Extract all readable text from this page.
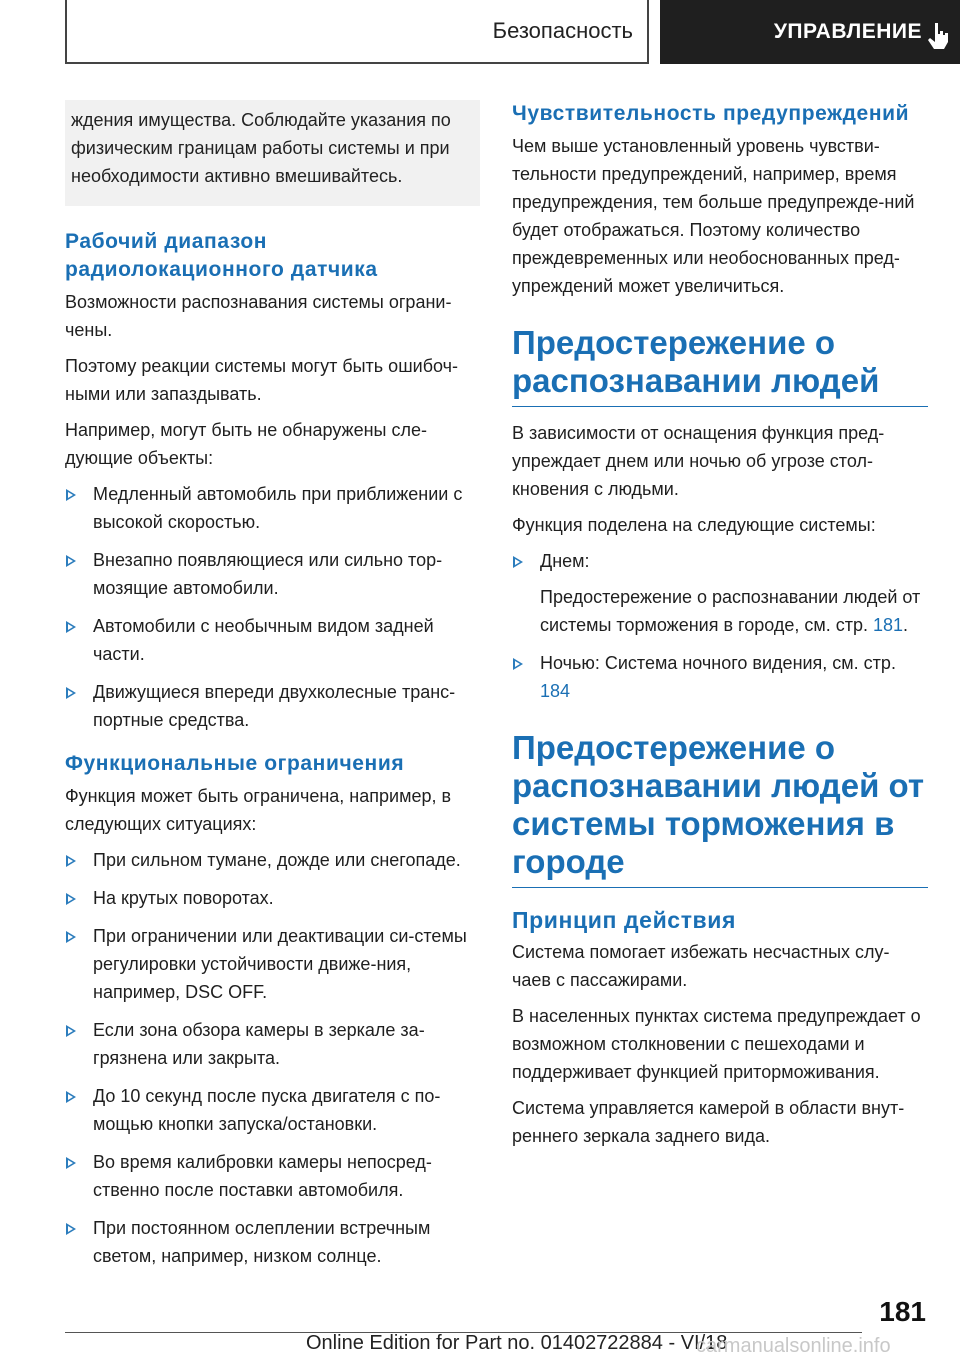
Безопасность	УПРАВЛЕНИЕ
ждения имущества. Соблюдайте указания по физическим границам работы системы и при необходимости активно вмешивайтесь.
Рабочий диапазон радиолокационного датчика

Возможности распознавания системы ограни-чены.

Поэтому реакции системы могут быть ошибоч-ными или запаздывать.

Например, могут быть не обнаружены сле-дующие объекты:

Медленный автомобиль при приближении с высокой скоростью.
Внезапно появляющиеся или сильно тор-мозящие автомобили.
Автомобили с необычным видом задней части.
Движущиеся впереди двухколесные транс-портные средства.
Функциональные ограничения

Функция может быть ограничена, например, в следующих ситуациях:

При сильном тумане, дожде или снегопаде.
На крутых поворотах.
При ограничении или деактивации си-стемы регулировки устойчивости движе-ния, например, DSC OFF.
Если зона обзора камеры в зеркале за-грязнена или закрыта.
До 10 секунд после пуска двигателя с по-мощью кнопки запуска/остановки.
Во время калибровки камеры непосред-ственно после поставки автомобиля.
При постоянном ослеплении встречным светом, например, низком солнце.
Чувствительность предупреждений

Чем выше установленный уровень чувстви-тельности предупреждений, например, время предупреждения, тем больше предупрежде-ний будет отображаться. Поэтому количество преждевременных или необоснованных пред-упреждений может увеличиться.

Предостережение о распознавании людей

В зависимости от оснащения функция пред-упреждает днем или ночью об угрозе стол-кновения с людьми.

Функция поделена на следующие системы:

Днем:

Предостережение о распознавании людей от системы торможения в городе, см. стр. 181.
Ночью: Система ночного видения, см. стр. 184
Предостережение о распознавании людей от системы торможения в городе
Принцип действия

Система помогает избежать несчастных слу-чаев с пассажирами.

В населенных пунктах система предупреждает о возможном столкновении с пешеходами и поддерживает функцией приторможивания.

Система управляется камерой в области внут-реннего зеркала заднего вида.

181
Online Edition for Part no. 01402722884 - VI/18
carmanualsonline.info
